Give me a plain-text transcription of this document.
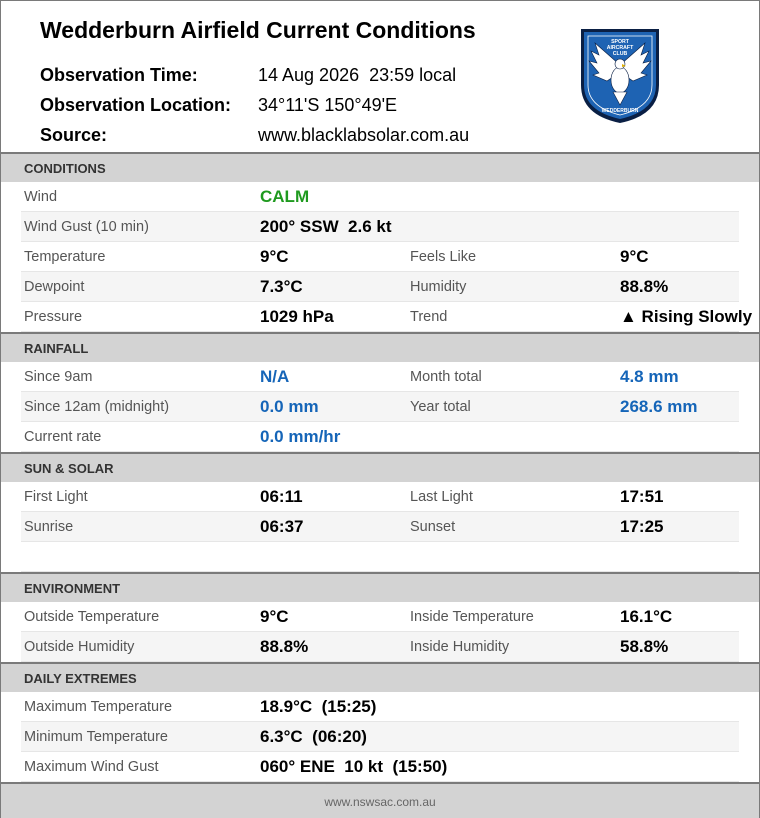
Wedderburn Airfield Current Conditions
Observation Time:	14 Aug 2026  23:59 local
Observation Location: 34°11'S 150°49'E
Source:	www.blacklabsolar.com.au
SPORT
AIRCRAFT
CLUB
WEDDERBURN
CONDITIONS
Wind	CALM
Wind Gust (10 min)	200° SSW  2.6 kt
Temperature	9°C	Feels Like	9°C
Dewpoint	7.3°C	Humidity	88.8%
Pressure	1029 hPa	Trend	▲ Rising Slowly
RAINFALL
Since 9am	N/A	Month total	4.8 mm
Since 12am (midnight)	0.0 mm	Year total	268.6 mm
Current rate	0.0 mm/hr
SUN & SOLAR
First Light	06:11	Last Light	17:51
Sunrise	06:37	Sunset	17:25
ENVIRONMENT
Outside Temperature	9°C	Inside Temperature	16.1°C
Outside Humidity	88.8%	Inside Humidity	58.8%
DAILY EXTREMES
Maximum Temperature	18.9°C  (15:25)
Minimum Temperature	6.3°C  (06:20)
Maximum Wind Gust	060° ENE  10 kt  (15:50)
www.nswsac.com.au
